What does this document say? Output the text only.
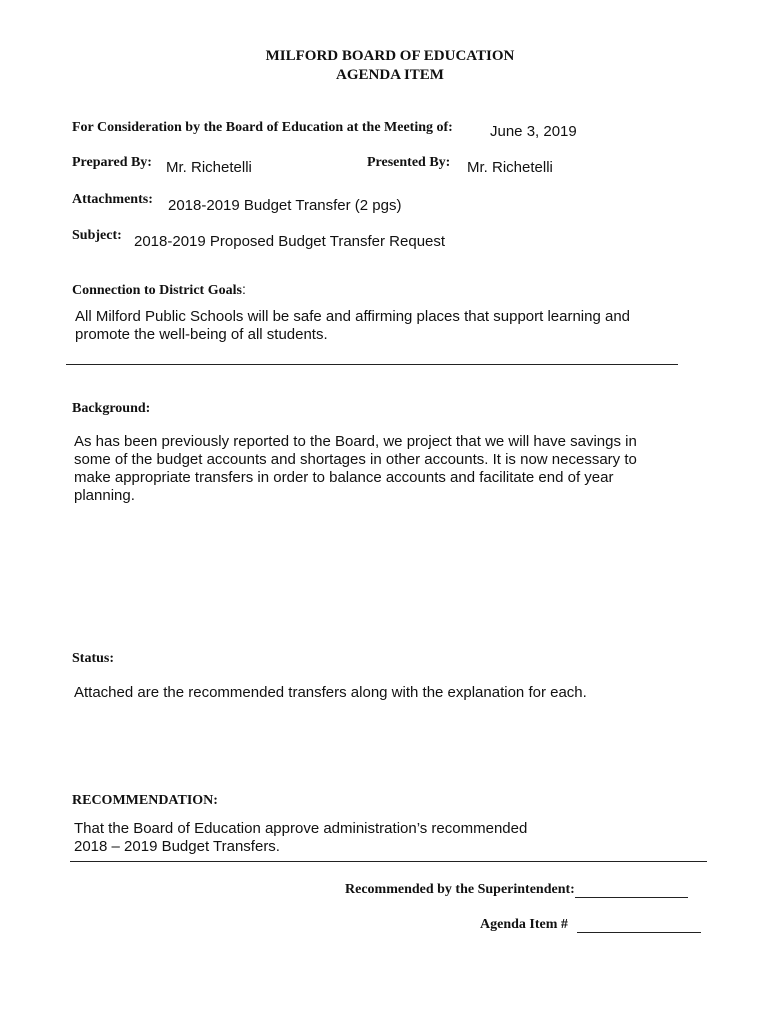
MILFORD BOARD OF EDUCATION
AGENDA ITEM
For Consideration by the Board of Education at the Meeting of: June 3, 2019
Prepared By: Mr. Richetelli	Presented By: Mr. Richetelli
Attachments: 2018-2019 Budget Transfer (2 pgs)
Subject: 2018-2019 Proposed Budget Transfer Request
Connection to District Goals:
All Milford Public Schools will be safe and affirming places that support learning and promote the well-being of all students.
Background:
As has been previously reported to the Board, we project that we will have savings in some of the budget accounts and shortages in other accounts. It is now necessary to make appropriate transfers in order to balance accounts and facilitate end of year planning.
Status:
Attached are the recommended transfers along with the explanation for each.
RECOMMENDATION:
That the Board of Education approve administration’s recommended 2018 – 2019 Budget Transfers.
Recommended by the Superintendent:
Agenda Item #
